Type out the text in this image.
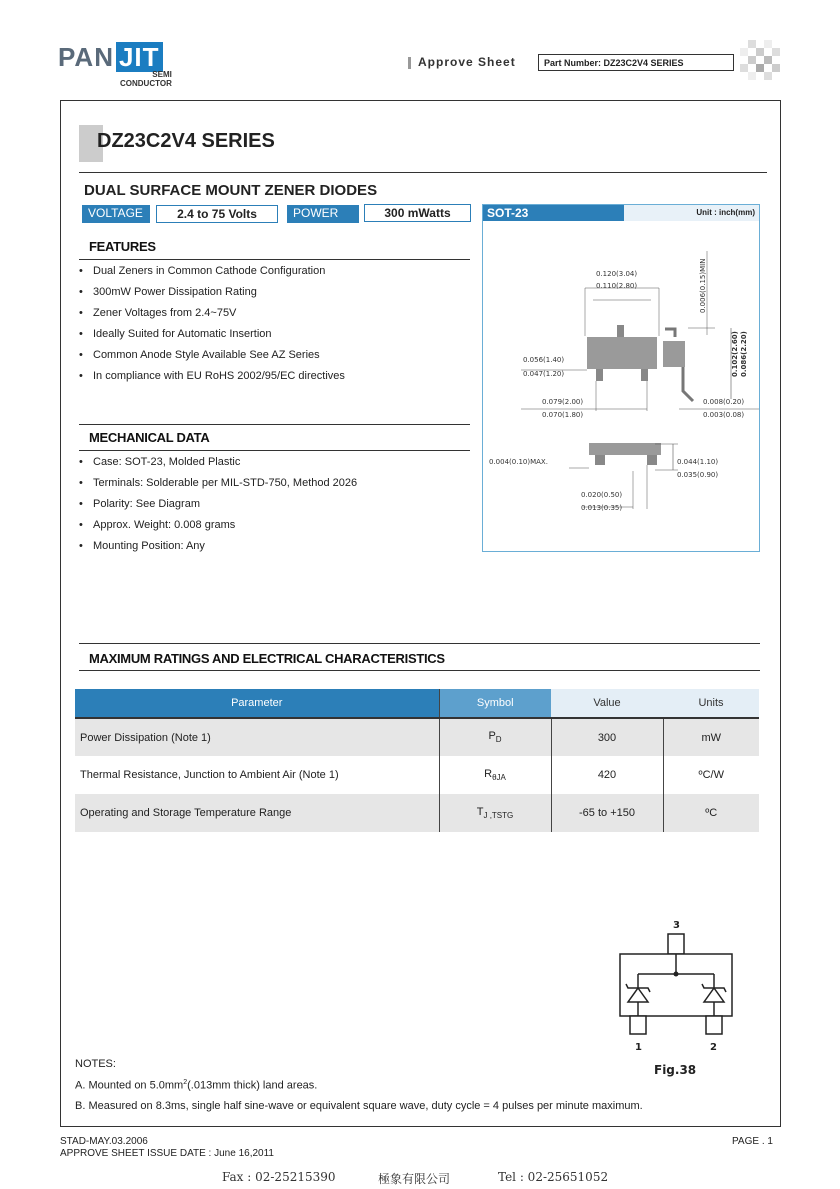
PAN JIT
SEMI
CONDUCTOR
Approve Sheet	Part Number: DZ23C2V4 SERIES
DZ23C2V4 SERIES
DUAL SURFACE MOUNT ZENER DIODES
VOLTAGE	2.4 to 75 Volts	POWER	300 mWatts
FEATURES
• Dual Zeners in Common Cathode Configuration
• 300mW Power Dissipation Rating
• Zener Voltages from 2.4~75V
• Ideally Suited for Automatic Insertion
• Common Anode Style Available See AZ Series
• In compliance with EU RoHS 2002/95/EC directives
MECHANICAL DATA
• Case: SOT-23, Molded Plastic
• Terminals: Solderable per MIL-STD-750, Method 2026
• Polarity: See Diagram
• Approx. Weight: 0.008 grams
• Mounting Position: Any
SOT-23	Unit : inch(mm)
0.120(3.04)
0.110(2.80)	0.006(0.15)MIN
0.056(1.40)
0.047(1.20)	0.102(2.60) 0.086(2.20)
0.079(2.00)
0.070(1.80)
0.008(0.20)
0.003(0.08)
0.004(0.10)MAX.	0.044(1.10)
0.035(0.90)
0.020(0.50)
0.013(0.35)
MAXIMUM RATINGS AND ELECTRICAL CHARACTERISTICS
Parameter	Symbol	Value	Units
Power Dissipation (Note 1)	$P_D$	300	mW
Thermal Resistance, Junction to Ambient Air (Note 1)	$R_{\theta JA}$	420	ºC/W
Operating and Storage Temperature Range	$T_{J ,TSTG}$	-65 to +150	ºC
3
1	2
Fig.38
NOTES:
A. Mounted on $5.0mm^2(.013mm$ thick) land areas.
B. Measured on 8.3ms, single half sine-wave or equivalent square wave, duty cycle = 4 pulses per minute maximum.
STAD-MAY.03.2006
APPROVE SHEET ISSUE DATE : June 16,2011
PAGE . 1
Fax : 02-25215390	極象有限公司	Tel : 02-25651052
